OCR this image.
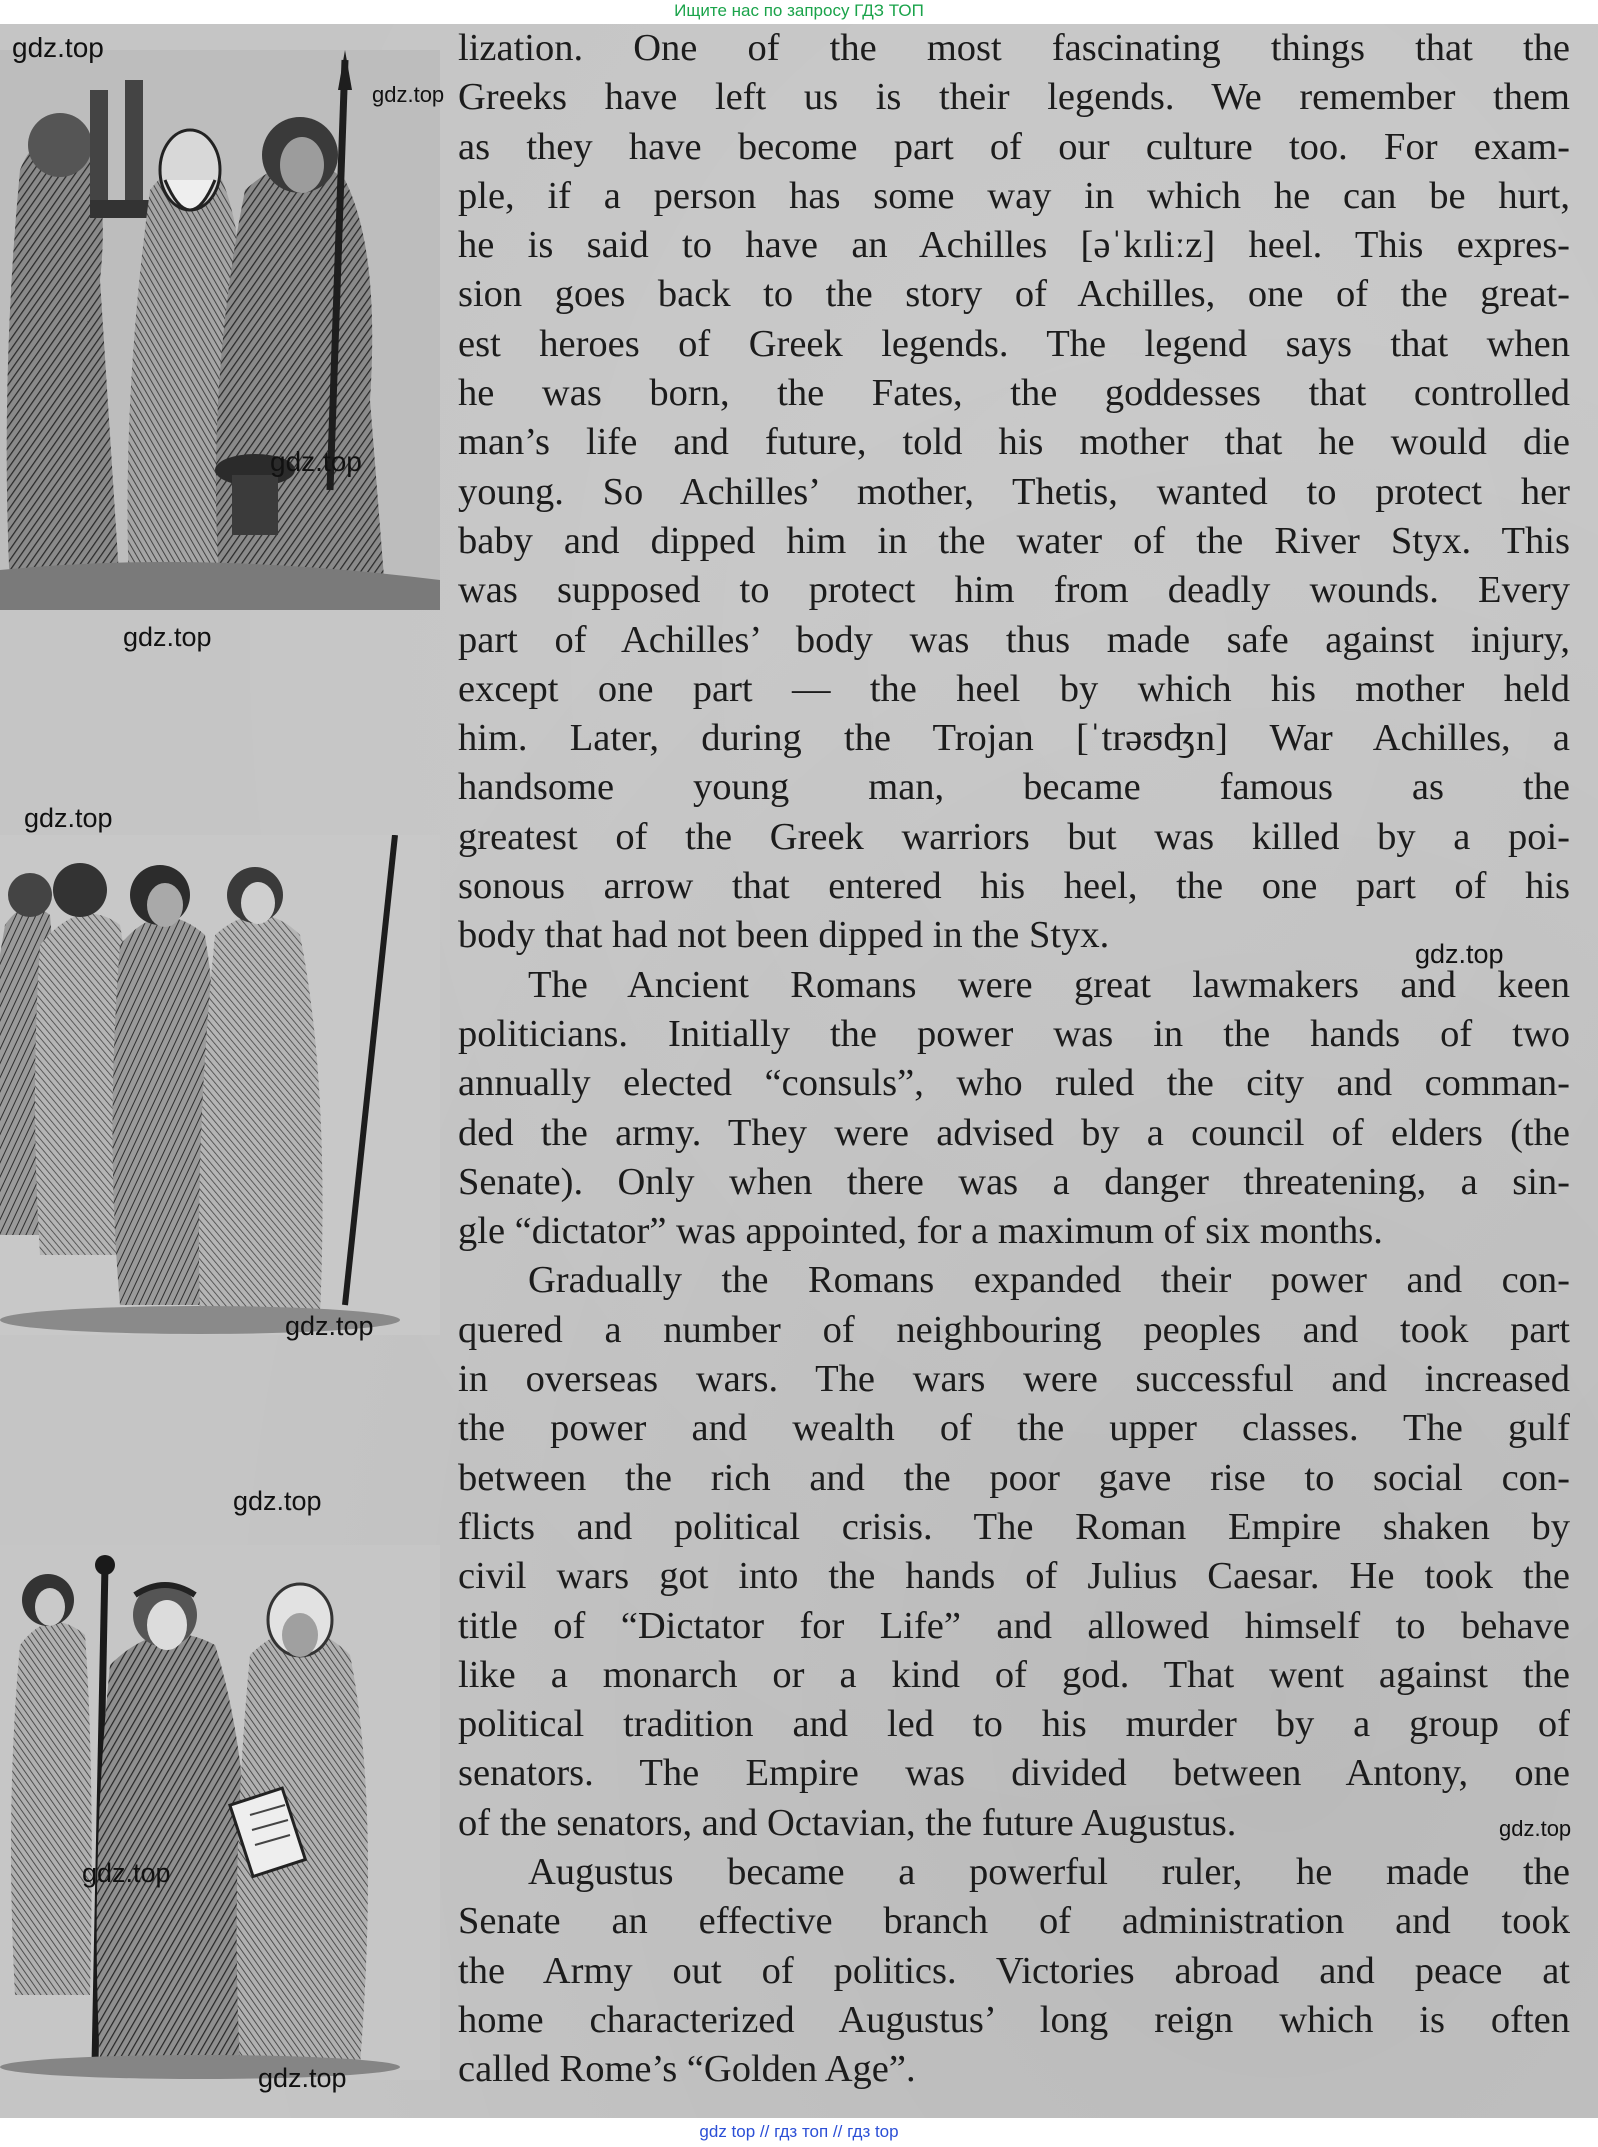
Ищите нас по запросу ГДЗ ТОП

lization. One of the most fascinating things that the
Greeks have left us is their legends. We remember them
as they have become part of our culture too. For exam-
ple, if a person has some way in which he can be hurt,
he is said to have an Achilles [əˈkɪliːz] heel. This expres-
sion goes back to the story of Achilles, one of the great-
est heroes of Greek legends. The legend says that when
he was born, the Fates, the goddesses that controlled
man’s life and future, told his mother that he would die
young. So Achilles’ mother, Thetis, wanted to protect her
baby and dipped him in the water of the River Styx. This
was supposed to protect him from deadly wounds. Every
part of Achilles’ body was thus made safe against injury,
except one part — the heel by which his mother held
him. Later, during the Trojan [ˈtrəʊʤn] War Achilles, a
handsome young man, became famous as the
greatest of the Greek warriors but was killed by a poi-
sonous arrow that entered his heel, the one part of his
body that had not been dipped in the Styx.

The Ancient Romans were great lawmakers and keen
politicians. Initially the power was in the hands of two
annually elected “consuls”, who ruled the city and comman-
ded the army. They were advised by a council of elders (the
Senate). Only when there was a danger threatening, a sin-
gle “dictator” was appointed, for a maximum of six months.

Gradually the Romans expanded their power and con-
quered a number of neighbouring peoples and took part
in overseas wars. The wars were successful and increased
the power and wealth of the upper classes. The gulf
between the rich and the poor gave rise to social con-
flicts and political crisis. The Roman Empire shaken by
civil wars got into the hands of Julius Caesar. He took the
title of “Dictator for Life” and allowed himself to behave
like a monarch or a kind of god. That went against the
political tradition and led to his murder by a group of
senators. The Empire was divided between Antony, one
of the senators, and Octavian, the future Augustus.

Augustus became a powerful ruler, he made the
Senate an effective branch of administration and took
the Army out of politics. Victories abroad and peace at
home characterized Augustus’ long reign which is often
called Rome’s “Golden Age”.

gdz.top
gdz.top
gdz.top
gdz.top
gdz.top
gdz.top
gdz.top
gdz.top
gdz.top
gdz.top
gdz.top
gdz top // гдз топ // гдз top
